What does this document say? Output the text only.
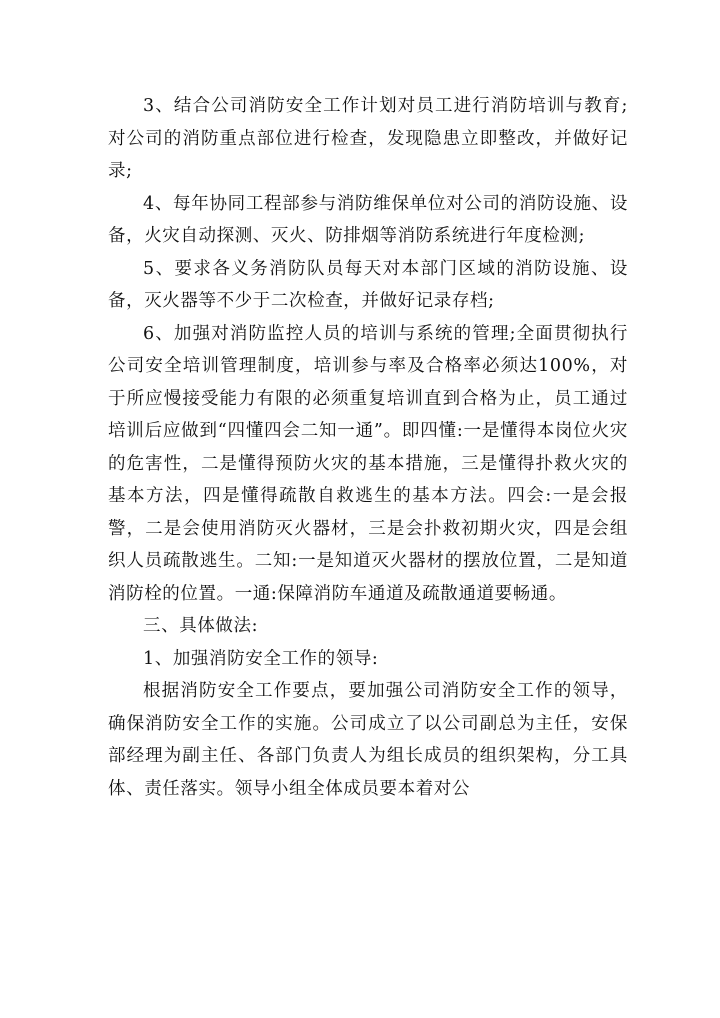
3、结合公司消防安全工作计划对员工进行消防培训与教育;对公司的消防重点部位进行检查，发现隐患立即整改，并做好记录;

4、每年协同工程部参与消防维保单位对公司的消防设施、设备，火灾自动探测、灭火、防排烟等消防系统进行年度检测;

5、要求各义务消防队员每天对本部门区域的消防设施、设备，灭火器等不少于二次检查，并做好记录存档;

6、加强对消防监控人员的培训与系统的管理;全面贯彻执行公司安全培训管理制度，培训参与率及合格率必须达100%，对于所应慢接受能力有限的必须重复培训直到合格为止，员工通过培训后应做到“四懂四会二知一通”。即四懂:一是懂得本岗位火灾的危害性，二是懂得预防火灾的基本措施，三是懂得扑救火灾的基本方法，四是懂得疏散自救逃生的基本方法。四会:一是会报警，二是会使用消防灭火器材，三是会扑救初期火灾，四是会组织人员疏散逃生。二知:一是知道灭火器材的摆放位置，二是知道消防栓的位置。一通:保障消防车通道及疏散通道要畅通。

三、具体做法:

1、加强消防安全工作的领导:

根据消防安全工作要点，要加强公司消防安全工作的领导，确保消防安全工作的实施。公司成立了以公司副总为主任，安保部经理为副主任、各部门负责人为组长成员的组织架构，分工具体、责任落实。领导小组全体成员要本着对公
